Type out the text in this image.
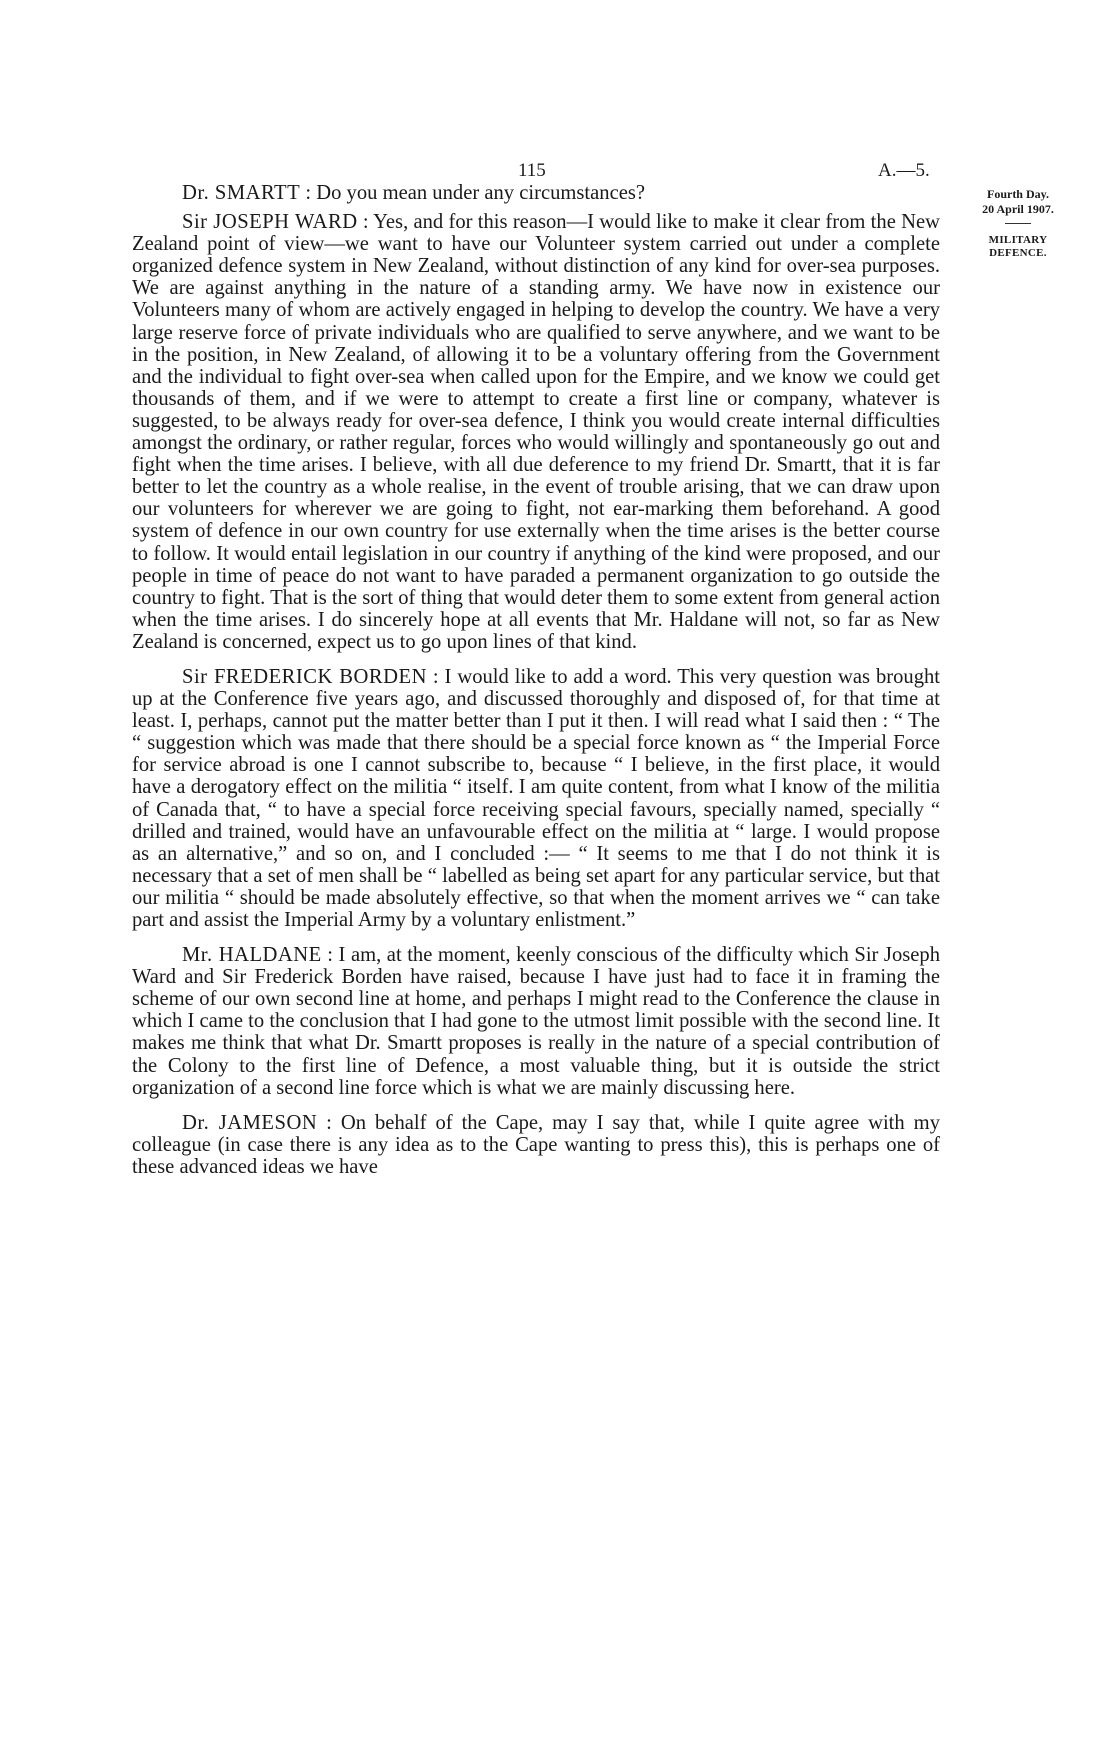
115	A.—5.
Fourth Day.
20 April 1907.
MILITARY
DEFENCE.

Dr. SMARTT : Do you mean under any circumstances?

Sir JOSEPH WARD : Yes, and for this reason—I would like to make it clear from the New Zealand point of view—we want to have our Volunteer system carried out under a complete organized defence system in New Zealand, without distinction of any kind for over-sea purposes. We are against anything in the nature of a standing army. We have now in existence our Volunteers many of whom are actively engaged in helping to develop the country. We have a very large reserve force of private individuals who are qualified to serve anywhere, and we want to be in the position, in New Zealand, of allowing it to be a voluntary offering from the Government and the individual to fight over-sea when called upon for the Empire, and we know we could get thousands of them, and if we were to attempt to create a first line or company, whatever is suggested, to be always ready for over-sea defence, I think you would create internal difficulties amongst the ordinary, or rather regular, forces who would willingly and spontaneously go out and fight when the time arises. I believe, with all due deference to my friend Dr. Smartt, that it is far better to let the country as a whole realise, in the event of trouble arising, that we can draw upon our volunteers for wherever we are going to fight, not ear-marking them beforehand. A good system of defence in our own country for use externally when the time arises is the better course to follow. It would entail legislation in our country if anything of the kind were proposed, and our people in time of peace do not want to have paraded a permanent organization to go outside the country to fight. That is the sort of thing that would deter them to some extent from general action when the time arises. I do sincerely hope at all events that Mr. Haldane will not, so far as New Zealand is concerned, expect us to go upon lines of that kind.

Sir FREDERICK BORDEN : I would like to add a word. This very question was brought up at the Conference five years ago, and discussed thoroughly and disposed of, for that time at least. I, perhaps, cannot put the matter better than I put it then. I will read what I said then : “ The “ suggestion which was made that there should be a special force known as “ the Imperial Force for service abroad is one I cannot subscribe to, because “ I believe, in the first place, it would have a derogatory effect on the militia “ itself. I am quite content, from what I know of the militia of Canada that, “ to have a special force receiving special favours, specially named, specially “ drilled and trained, would have an unfavourable effect on the militia at “ large. I would propose as an alternative,” and so on, and I concluded :— “ It seems to me that I do not think it is necessary that a set of men shall be “ labelled as being set apart for any particular service, but that our militia “ should be made absolutely effective, so that when the moment arrives we “ can take part and assist the Imperial Army by a voluntary enlistment.”

Mr. HALDANE : I am, at the moment, keenly conscious of the difficulty which Sir Joseph Ward and Sir Frederick Borden have raised, because I have just had to face it in framing the scheme of our own second line at home, and perhaps I might read to the Conference the clause in which I came to the conclusion that I had gone to the utmost limit possible with the second line. It makes me think that what Dr. Smartt proposes is really in the nature of a special contribution of the Colony to the first line of Defence, a most valuable thing, but it is outside the strict organization of a second line force which is what we are mainly discussing here.

Dr. JAMESON : On behalf of the Cape, may I say that, while I quite agree with my colleague (in case there is any idea as to the Cape wanting to press this), this is perhaps one of these advanced ideas we have
